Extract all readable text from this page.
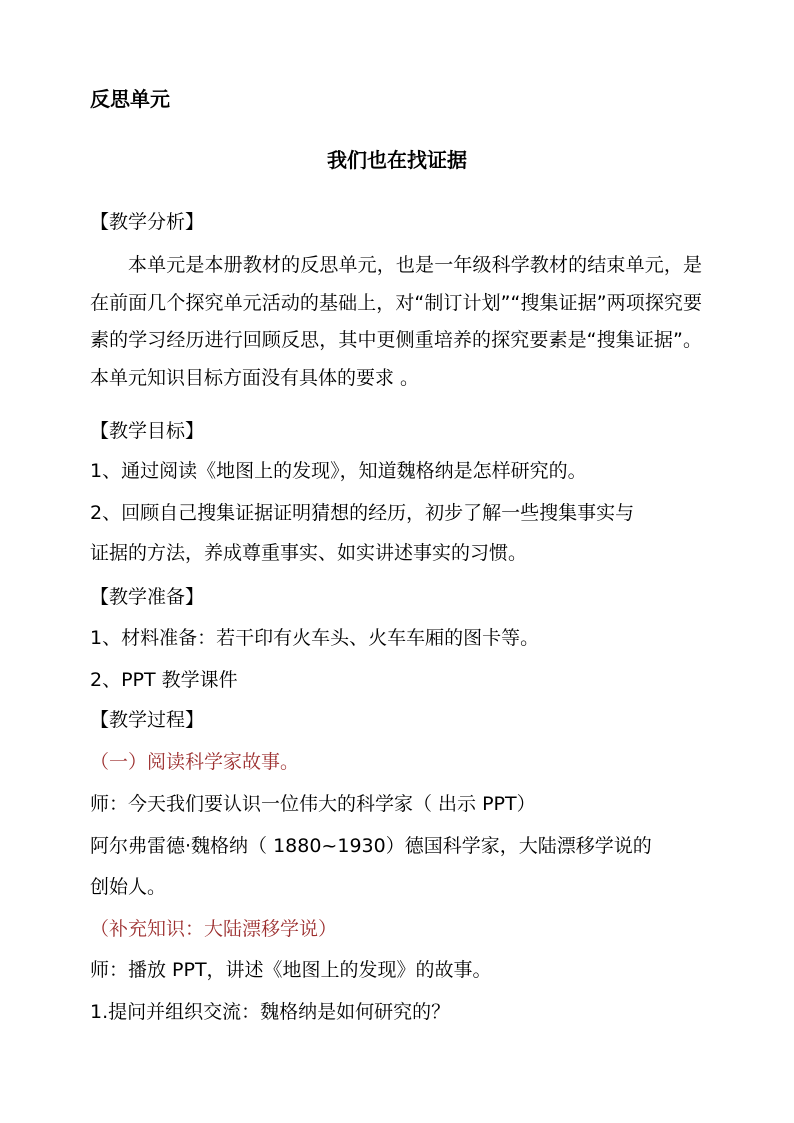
反思单元
我们也在找证据
【教学分析】
本单元是本册教材的反思单元，也是一年级科学教材的结束单元，是在前面几个探究单元活动的基础上，对“制订计划”“搜集证据”两项探究要素的学习经历进行回顾反思，其中更侧重培养的探究要素是“搜集证据”。本单元知识目标方面没有具体的要求 。
【教学目标】
1、通过阅读《地图上的发现》，知道魏格纳是怎样研究的。
2、回顾自己搜集证据证明猜想的经历，初步了解一些搜集事实与
证据的方法，养成尊重事实、如实讲述事实的习惯。
【教学准备】
1、材料准备：若干印有火车头、火车车厢的图卡等。
2、PPT 教学课件
【教学过程】
（一）阅读科学家故事。
师：今天我们要认识一位伟大的科学家（ 出示 PPT）
阿尔弗雷德·魏格纳（ 1880~1930）德国科学家，大陆漂移学说的
创始人。
（补充知识：大陆漂移学说）
师：播放 PPT，讲述《地图上的发现》的故事。
1.提问并组织交流：魏格纳是如何研究的？
